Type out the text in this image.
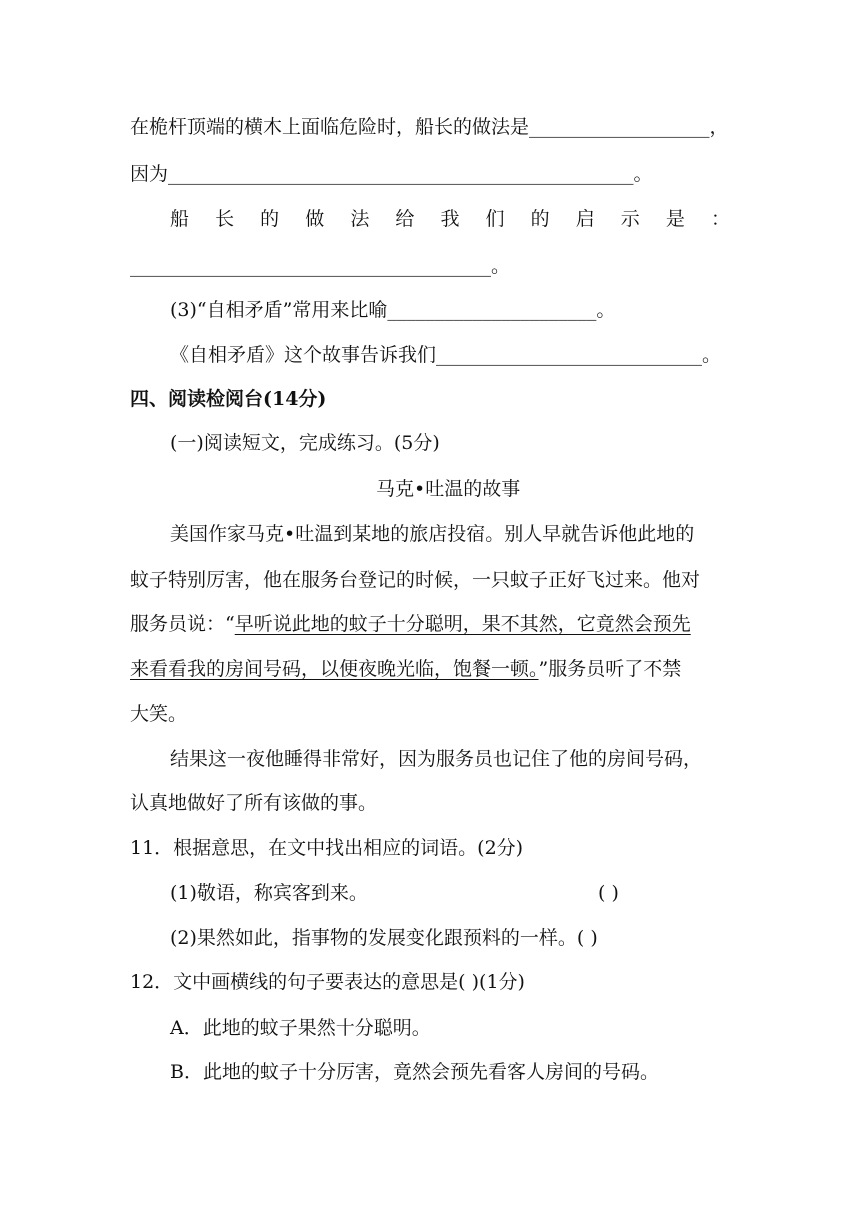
在桅杆顶端的横木上面临危险时，船长的做法是___________________，
因为_________________________________________________。
船 长 的 做 法 给 我 们 的 启 示 是 ：
______________________________________。
(3)“自相矛盾”常用来比喻______________________。
《自相矛盾》这个故事告诉我们____________________________。
四、阅读检阅台(14分)
(一)阅读短文，完成练习。(5分)
马克•吐温的故事
美国作家马克•吐温到某地的旅店投宿。别人早就告诉他此地的
蚊子特别厉害，他在服务台登记的时候，一只蚊子正好飞过来。他对
服务员说：“早听说此地的蚊子十分聪明，果不其然，它竟然会预先
来看看我的房间号码，以便夜晚光临，饱餐一顿。”服务员听了不禁
大笑。
结果这一夜他睡得非常好，因为服务员也记住了他的房间号码，
认真地做好了所有该做的事。
11．根据意思，在文中找出相应的词语。(2分)
(1)敬语，称宾客到来。	( )
(2)果然如此，指事物的发展变化跟预料的一样。( )
12．文中画横线的句子要表达的意思是( )(1分)
A．此地的蚊子果然十分聪明。
B．此地的蚊子十分厉害，竟然会预先看客人房间的号码。
